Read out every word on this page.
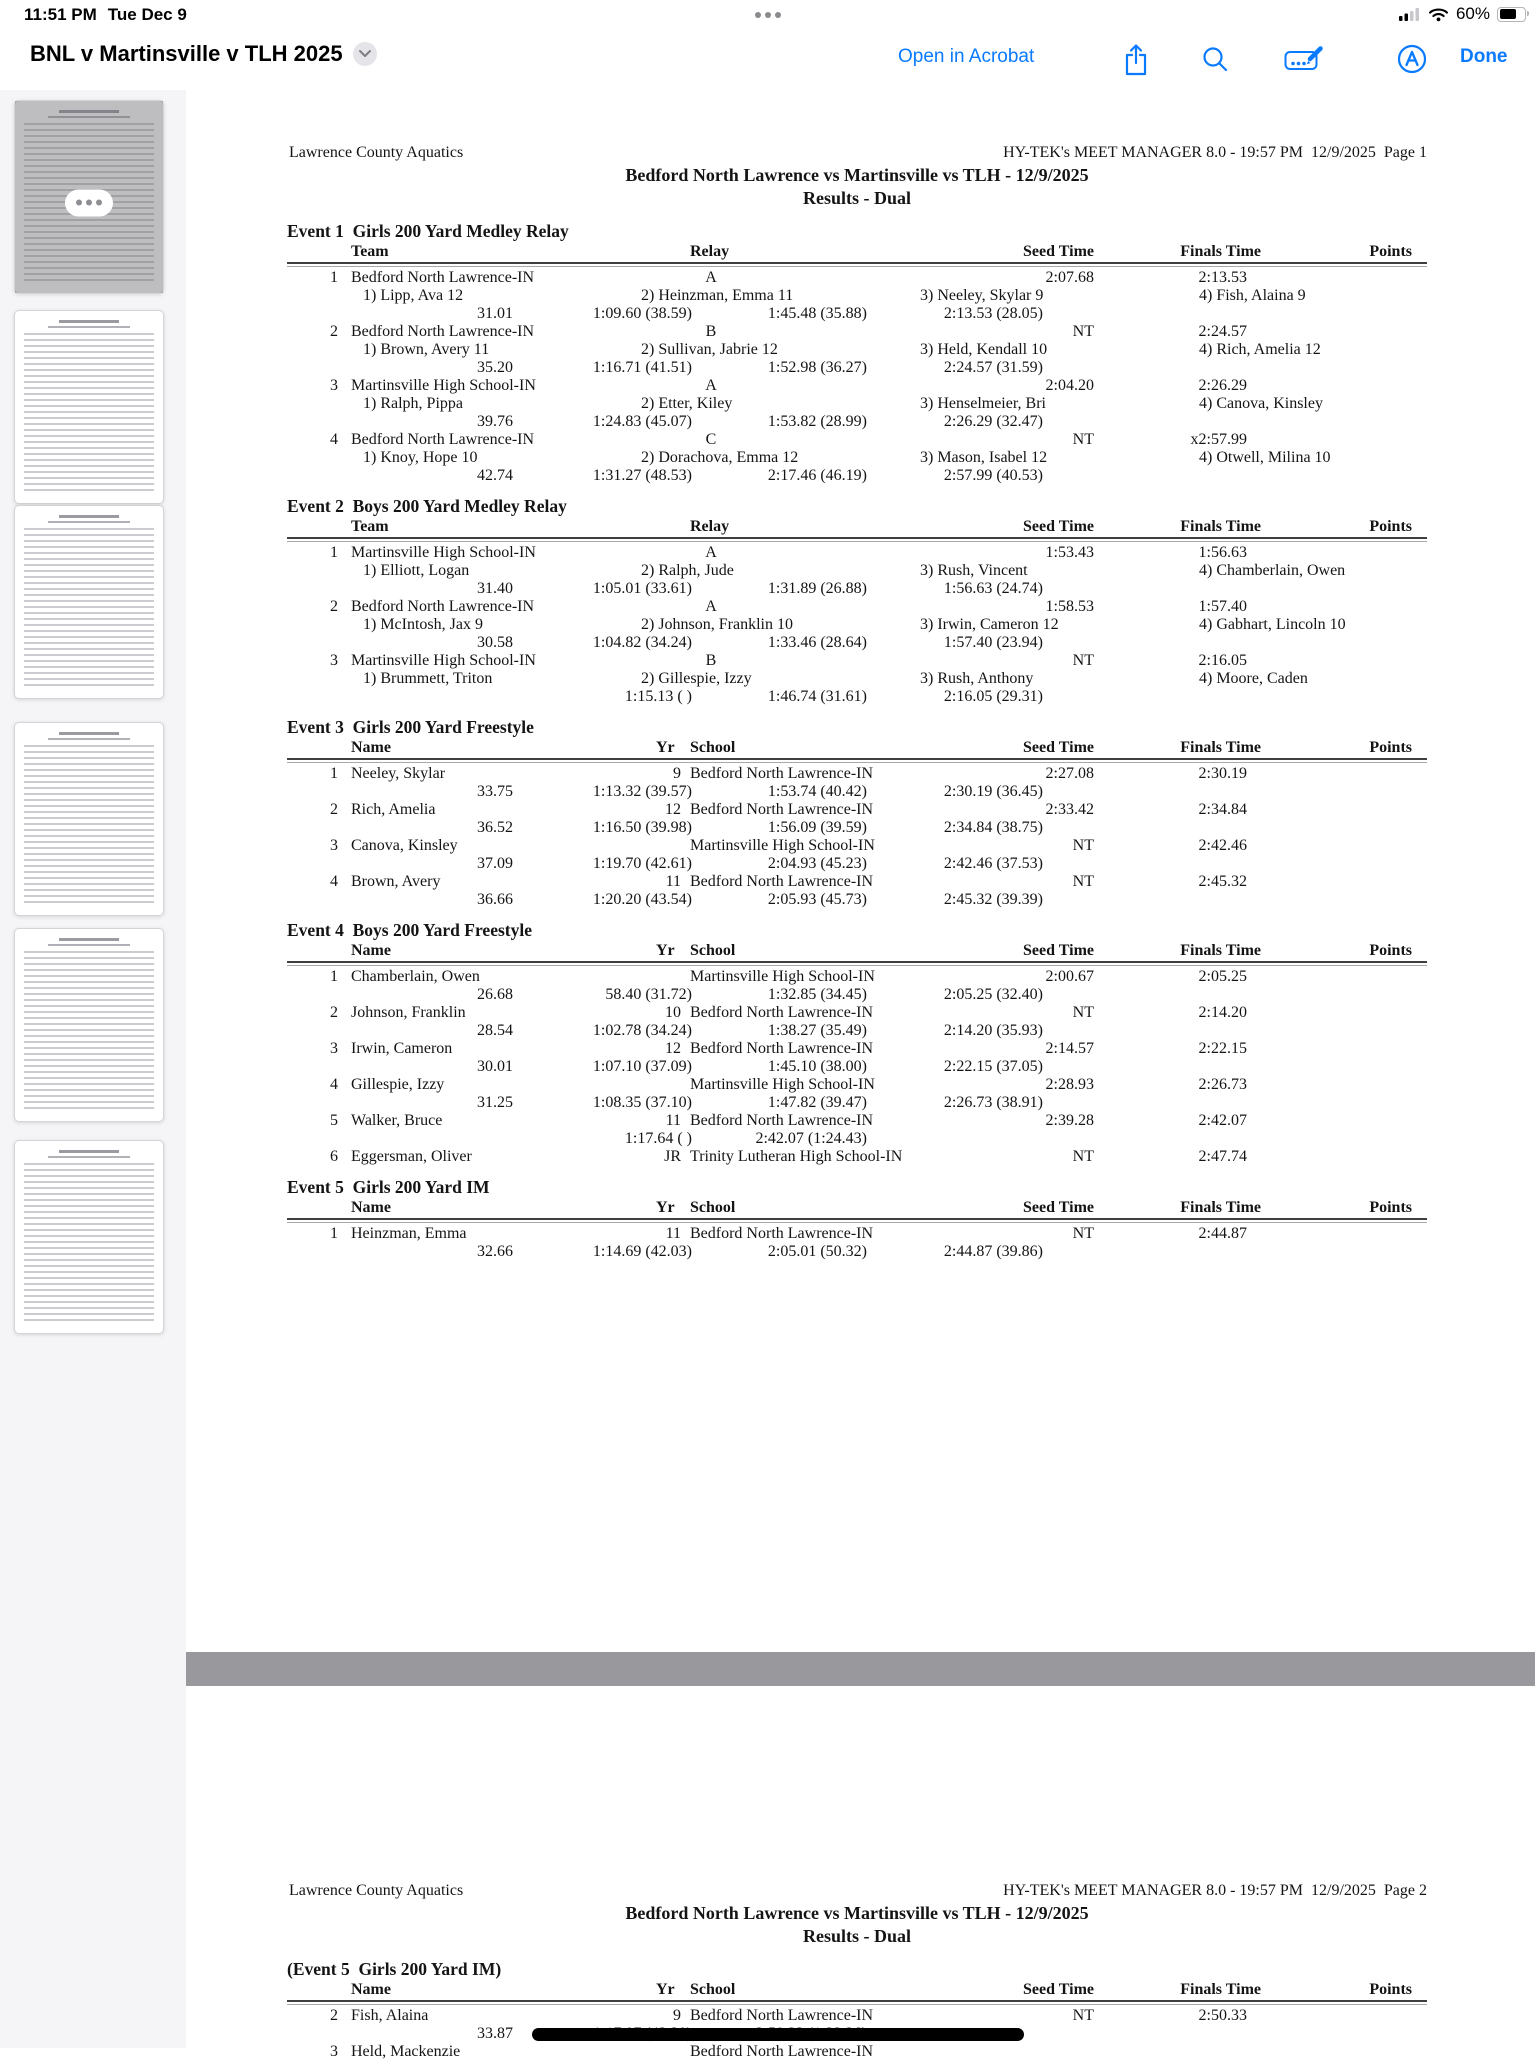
11:51 PM Tue Dec 9	60%
BNL v Martinsville v TLH 2025	Open in Acrobat	Done
Lawrence County Aquatics	HY-TEK's MEET MANAGER 8.0 - 19:57 PM  12/9/2025  Page 1
Bedford North Lawrence vs Martinsville vs TLH - 12/9/2025
Results - Dual
Event 1  Girls 200 Yard Medley Relay
Team	Relay	Seed Time	Finals Time	Points
1 Bedford North Lawrence-IN	A	2:07.68	2:13.53
1) Lipp, Ava 12	2) Heinzman, Emma 11	3) Neeley, Skylar 9	4) Fish, Alaina 9
31.01	1:09.60 (38.59)	1:45.48 (35.88)	2:13.53 (28.05)
2 Bedford North Lawrence-IN	B	NT	2:24.57
1) Brown, Avery 11	2) Sullivan, Jabrie 12	3) Held, Kendall 10	4) Rich, Amelia 12
35.20	1:16.71 (41.51)	1:52.98 (36.27)	2:24.57 (31.59)
3 Martinsville High School-IN	A	2:04.20	2:26.29
1) Ralph, Pippa	2) Etter, Kiley	3) Henselmeier, Bri	4) Canova, Kinsley
39.76	1:24.83 (45.07)	1:53.82 (28.99)	2:26.29 (32.47)
4 Bedford North Lawrence-IN	C	NT	x2:57.99
1) Knoy, Hope 10	2) Dorachova, Emma 12	3) Mason, Isabel 12	4) Otwell, Milina 10
42.74	1:31.27 (48.53)	2:17.46 (46.19)	2:57.99 (40.53)
Event 2  Boys 200 Yard Medley Relay
Team	Relay	Seed Time	Finals Time	Points
1 Martinsville High School-IN	A	1:53.43	1:56.63
1) Elliott, Logan	2) Ralph, Jude	3) Rush, Vincent	4) Chamberlain, Owen
31.40	1:05.01 (33.61)	1:31.89 (26.88)	1:56.63 (24.74)
2 Bedford North Lawrence-IN	A	1:58.53	1:57.40
1) McIntosh, Jax 9	2) Johnson, Franklin 10	3) Irwin, Cameron 12	4) Gabhart, Lincoln 10
30.58	1:04.82 (34.24)	1:33.46 (28.64)	1:57.40 (23.94)
3 Martinsville High School-IN	B	NT	2:16.05
1) Brummett, Triton	2) Gillespie, Izzy	3) Rush, Anthony	4) Moore, Caden
1:15.13 ( )	1:46.74 (31.61)	2:16.05 (29.31)
Event 3  Girls 200 Yard Freestyle
Name	Yr School	Seed Time	Finals Time	Points
1 Neeley, Skylar	9 Bedford North Lawrence-IN	2:27.08	2:30.19
33.75	1:13.32 (39.57)	1:53.74 (40.42)	2:30.19 (36.45)
2 Rich, Amelia	12 Bedford North Lawrence-IN	2:33.42	2:34.84
36.52	1:16.50 (39.98)	1:56.09 (39.59)	2:34.84 (38.75)
3 Canova, Kinsley	Martinsville High School-IN	NT	2:42.46
37.09	1:19.70 (42.61)	2:04.93 (45.23)	2:42.46 (37.53)
4 Brown, Avery	11 Bedford North Lawrence-IN	NT	2:45.32
36.66	1:20.20 (43.54)	2:05.93 (45.73)	2:45.32 (39.39)
Event 4  Boys 200 Yard Freestyle
Name	Yr School	Seed Time	Finals Time	Points
1 Chamberlain, Owen	Martinsville High School-IN	2:00.67	2:05.25
26.68	58.40 (31.72)	1:32.85 (34.45)	2:05.25 (32.40)
2 Johnson, Franklin	10 Bedford North Lawrence-IN	NT	2:14.20
28.54	1:02.78 (34.24)	1:38.27 (35.49)	2:14.20 (35.93)
3 Irwin, Cameron	12 Bedford North Lawrence-IN	2:14.57	2:22.15
30.01	1:07.10 (37.09)	1:45.10 (38.00)	2:22.15 (37.05)
4 Gillespie, Izzy	Martinsville High School-IN	2:28.93	2:26.73
31.25	1:08.35 (37.10)	1:47.82 (39.47)	2:26.73 (38.91)
5 Walker, Bruce	11 Bedford North Lawrence-IN	2:39.28	2:42.07
1:17.64 ( )	2:42.07 (1:24.43)
6 Eggersman, Oliver	JR Trinity Lutheran High School-IN	NT	2:47.74
Event 5  Girls 200 Yard IM
Name	Yr School	Seed Time	Finals Time	Points
1 Heinzman, Emma	11 Bedford North Lawrence-IN	NT	2:44.87
32.66	1:14.69 (42.03)	2:05.01 (50.32)	2:44.87 (39.86)
Lawrence County Aquatics	HY-TEK's MEET MANAGER 8.0 - 19:57 PM  12/9/2025  Page 2
Bedford North Lawrence vs Martinsville vs TLH - 12/9/2025
Results - Dual
(Event 5  Girls 200 Yard IM)
Name	Yr School	Seed Time	Finals Time	Points
2 Fish, Alaina	9 Bedford North Lawrence-IN	NT	2:50.33
33.87
3 Held, Mackenzie	Bedford North Lawrence-IN
